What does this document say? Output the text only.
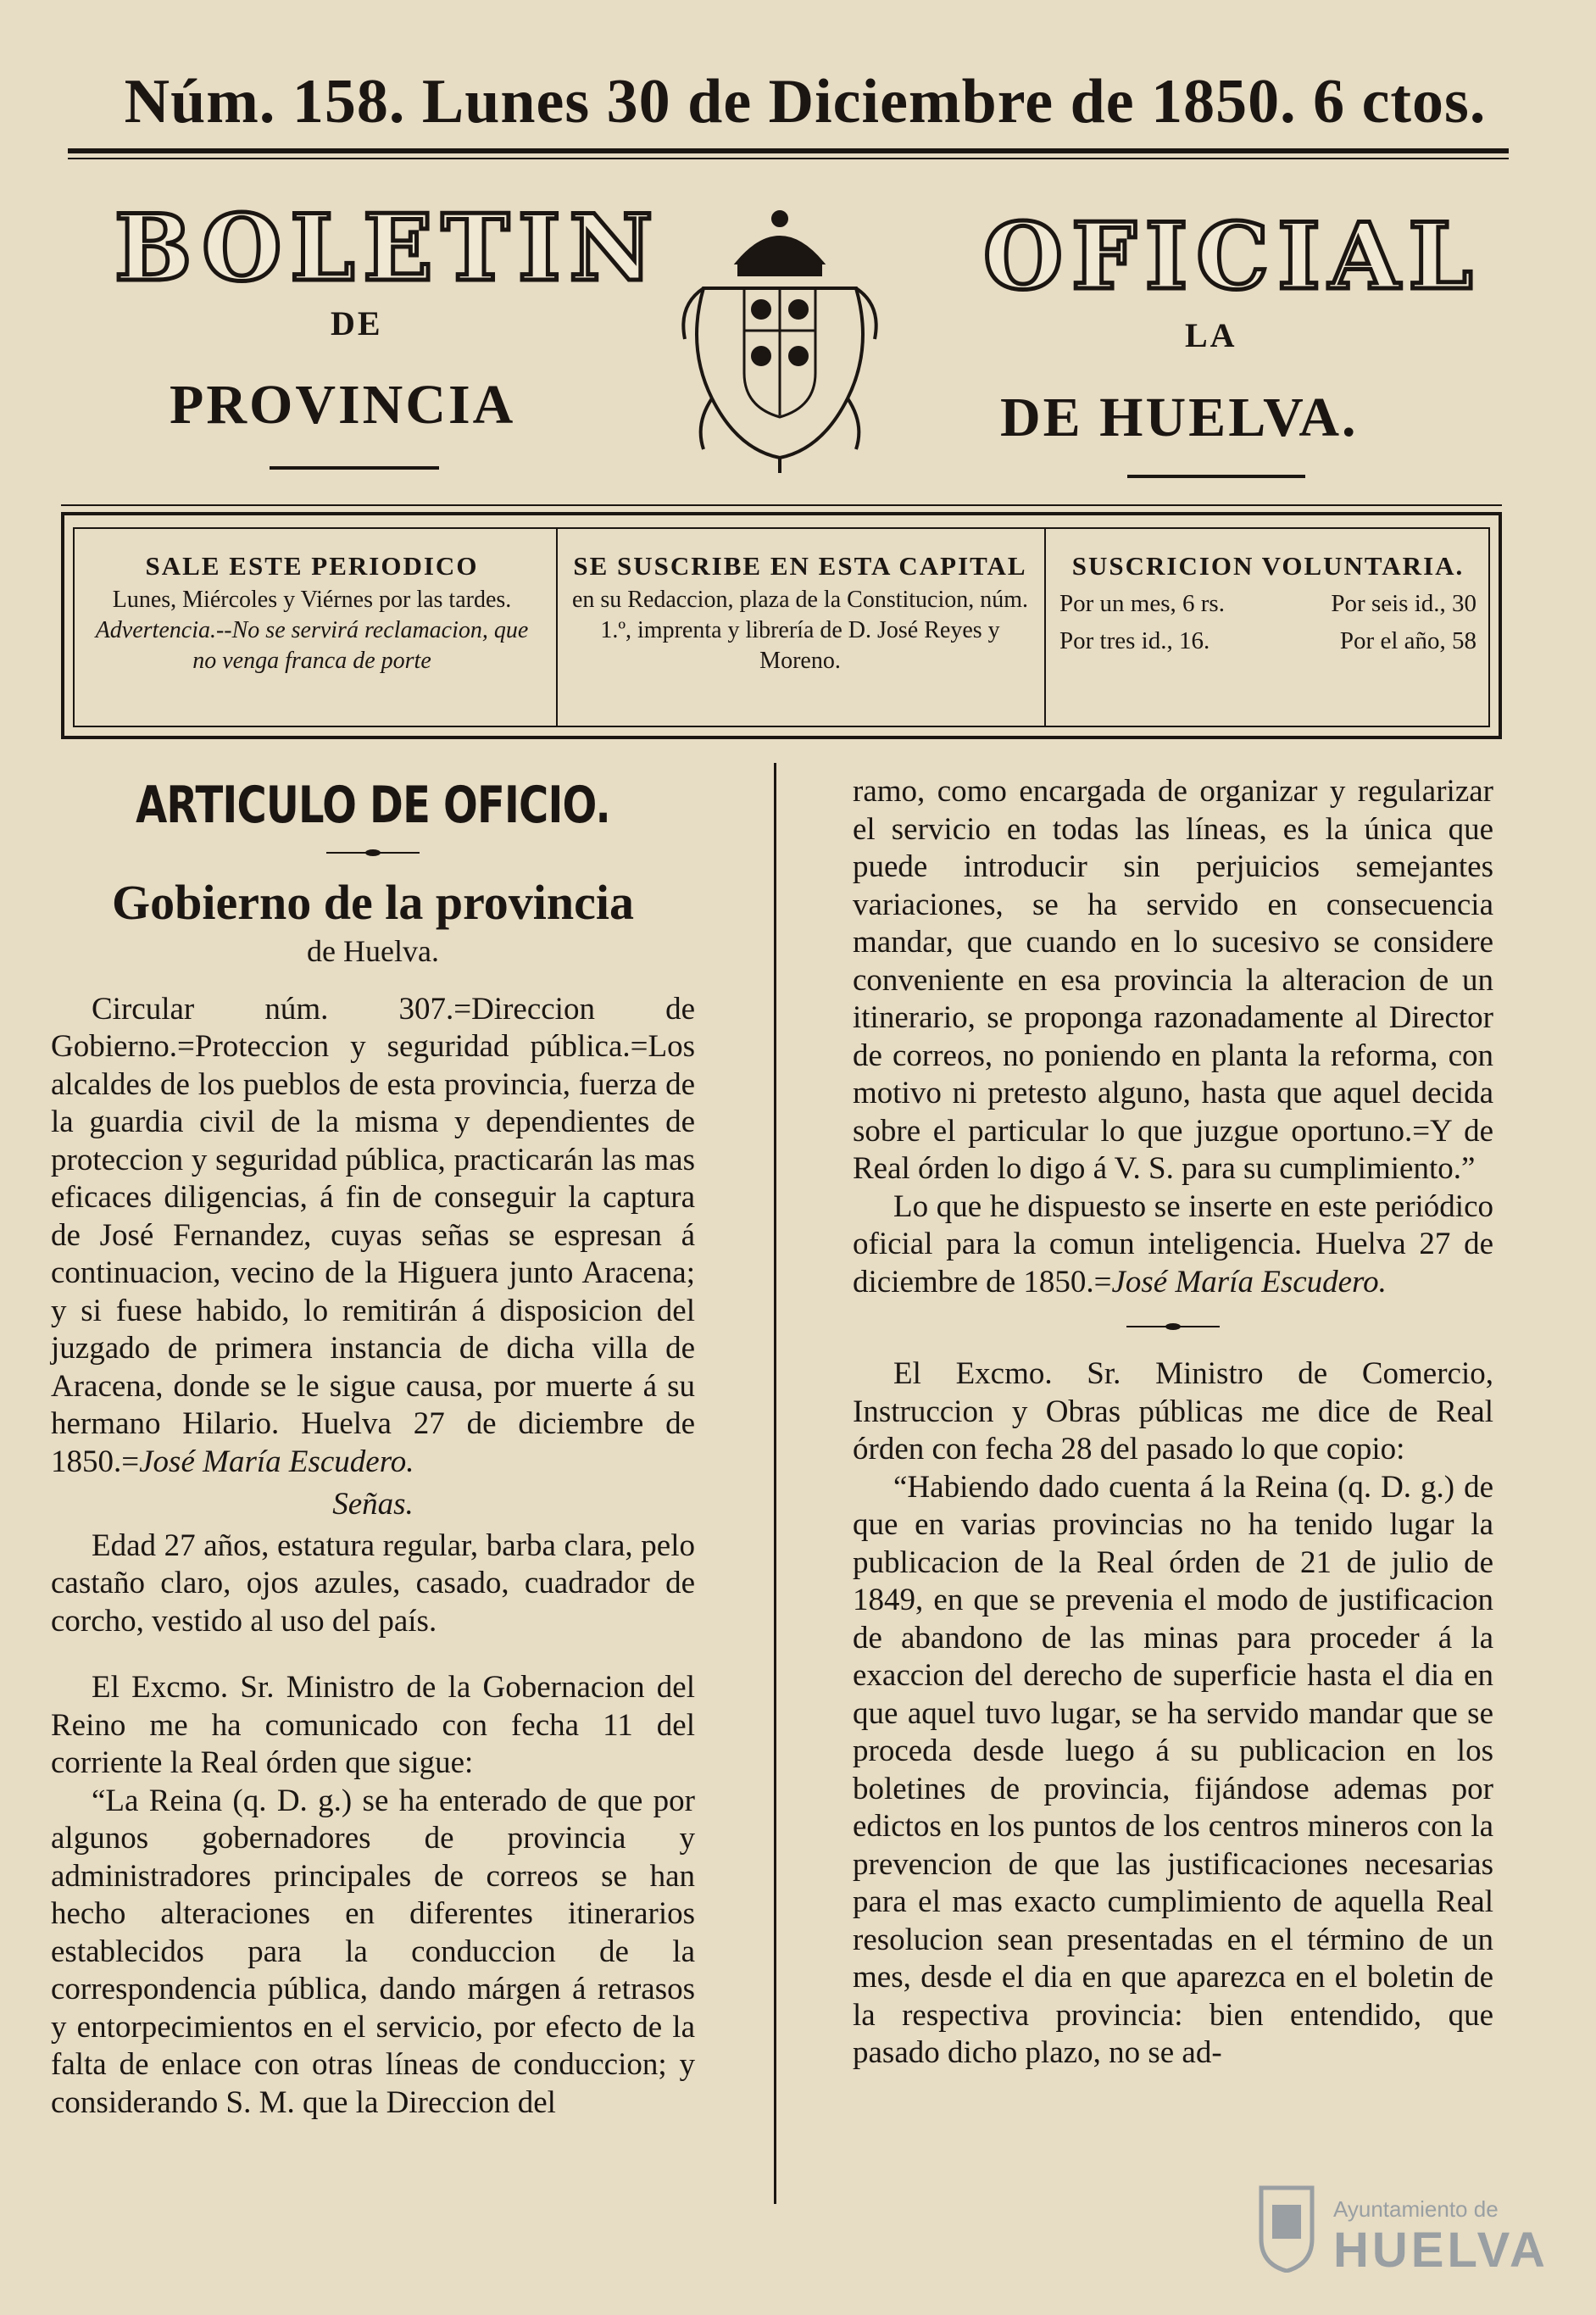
Núm. 158. Lunes 30 de Diciembre de 1850. 6 ctos.
BOLETIN	OFICIAL
DE	LA
PROVINCIA	DE HUELVA.
SALE ESTE PERIODICO
Lunes, Miércoles y Viérnes por las tardes.
Advertencia.--No se servirá reclamacion, que no venga franca de porte
SE SUSCRIBE EN ESTA CAPITAL
en su Redaccion, plaza de la Constitucion, núm. 1.º, imprenta y librería de D. José Reyes y Moreno.
SUSCRICION VOLUNTARIA.
Por un mes, 6 rs.	Por seis id., 30
Por tres id., 16.	Por el año, 58
ARTICULO DE OFICIO.
Gobierno de la provincia
de Huelva.

Circular núm. 307.=Direccion de Gobierno.=Proteccion y seguridad pública.=Los alcaldes de los pueblos de esta provincia, fuerza de la guardia civil de la misma y dependientes de proteccion y seguridad pública, practicarán las mas eficaces diligencias, á fin de conseguir la captura de José Fernandez, cuyas señas se espresan á continuacion, vecino de la Higuera junto Aracena; y si fuese habido, lo remitirán á disposicion del juzgado de primera instancia de dicha villa de Aracena, donde se le sigue causa, por muerte á su hermano Hilario. Huelva 27 de diciembre de 1850.=José María Escudero.

Señas.

Edad 27 años, estatura regular, barba clara, pelo castaño claro, ojos azules, casado, cuadrador de corcho, vestido al uso del país.

El Excmo. Sr. Ministro de la Gobernacion del Reino me ha comunicado con fecha 11 del corriente la Real órden que sigue:

“La Reina (q. D. g.) se ha enterado de que por algunos gobernadores de provincia y administradores principales de correos se han hecho alteraciones en diferentes itinerarios establecidos para la conduccion de la correspondencia pública, dando márgen á retrasos y entorpecimientos en el servicio, por efecto de la falta de enlace con otras líneas de conduccion; y considerando S. M. que la Direccion del

ramo, como encargada de organizar y regularizar el servicio en todas las líneas, es la única que puede introducir sin perjuicios semejantes variaciones, se ha servido en consecuencia mandar, que cuando en lo sucesivo se considere conveniente en esa provincia la alteracion de un itinerario, se proponga razonadamente al Director de correos, no poniendo en planta la reforma, con motivo ni pretesto alguno, hasta que aquel decida sobre el particular lo que juzgue oportuno.=Y de Real órden lo digo á V. S. para su cumplimiento.”

Lo que he dispuesto se inserte en este periódico oficial para la comun inteligencia. Huelva 27 de diciembre de 1850.=José María Escudero.

El Excmo. Sr. Ministro de Comercio, Instruccion y Obras públicas me dice de Real órden con fecha 28 del pasado lo que copio:

“Habiendo dado cuenta á la Reina (q. D. g.) de que en varias provincias no ha tenido lugar la publicacion de la Real órden de 21 de julio de 1849, en que se prevenia el modo de justificacion de abandono de las minas para proceder á la exaccion del derecho de superficie hasta el dia en que aquel tuvo lugar, se ha servido mandar que se proceda desde luego á su publicacion en los boletines de provincia, fijándose ademas por edictos en los puntos de los centros mineros con la prevencion de que las justificaciones necesarias para el mas exacto cumplimiento de aquella Real resolucion sean presentadas en el término de un mes, desde el dia en que aparezca en el boletin de la respectiva provincia: bien entendido, que pasado dicho plazo, no se ad-

Ayuntamiento de
HUELVA
